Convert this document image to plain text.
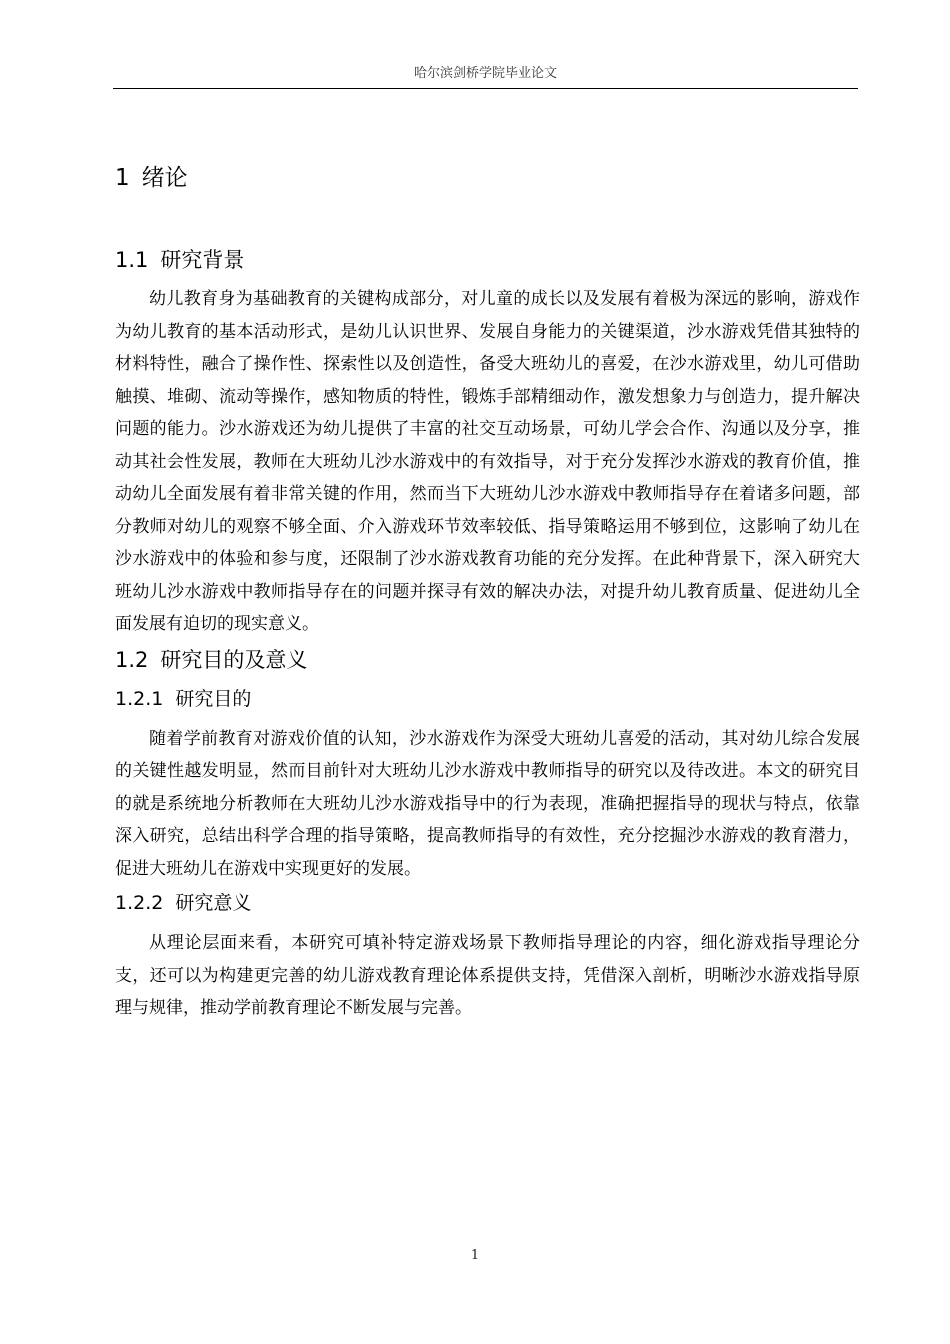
哈尔滨剑桥学院毕业论文
1 绪论
1.1 研究背景

幼儿教育身为基础教育的关键构成部分，对儿童的成长以及发展有着极为深远的影响，游戏作为幼儿教育的基本活动形式，是幼儿认识世界、发展自身能力的关键渠道，沙水游戏凭借其独特的材料特性，融合了操作性、探索性以及创造性，备受大班幼儿的喜爱，在沙水游戏里，幼儿可借助触摸、堆砌、流动等操作，感知物质的特性，锻炼手部精细动作，激发想象力与创造力，提升解决问题的能力。沙水游戏还为幼儿提供了丰富的社交互动场景，可幼儿学会合作、沟通以及分享，推动其社会性发展，教师在大班幼儿沙水游戏中的有效指导，对于充分发挥沙水游戏的教育价值，推动幼儿全面发展有着非常关键的作用，然而当下大班幼儿沙水游戏中教师指导存在着诸多问题，部分教师对幼儿的观察不够全面、介入游戏环节效率较低、指导策略运用不够到位，这影响了幼儿在沙水游戏中的体验和参与度，还限制了沙水游戏教育功能的充分发挥。在此种背景下，深入研究大班幼儿沙水游戏中教师指导存在的问题并探寻有效的解决办法，对提升幼儿教育质量、促进幼儿全面发展有迫切的现实意义。

1.2 研究目的及意义
1.2.1 研究目的

随着学前教育对游戏价值的认知，沙水游戏作为深受大班幼儿喜爱的活动，其对幼儿综合发展的关键性越发明显，然而目前针对大班幼儿沙水游戏中教师指导的研究以及待改进。本文的研究目的就是系统地分析教师在大班幼儿沙水游戏指导中的行为表现，准确把握指导的现状与特点，依靠深入研究，总结出科学合理的指导策略，提高教师指导的有效性，充分挖掘沙水游戏的教育潜力，促进大班幼儿在游戏中实现更好的发展。

1.2.2 研究意义

从理论层面来看，本研究可填补特定游戏场景下教师指导理论的内容，细化游戏指导理论分支，还可以为构建更完善的幼儿游戏教育理论体系提供支持，凭借深入剖析，明晰沙水游戏指导原理与规律，推动学前教育理论不断发展与完善。

1
